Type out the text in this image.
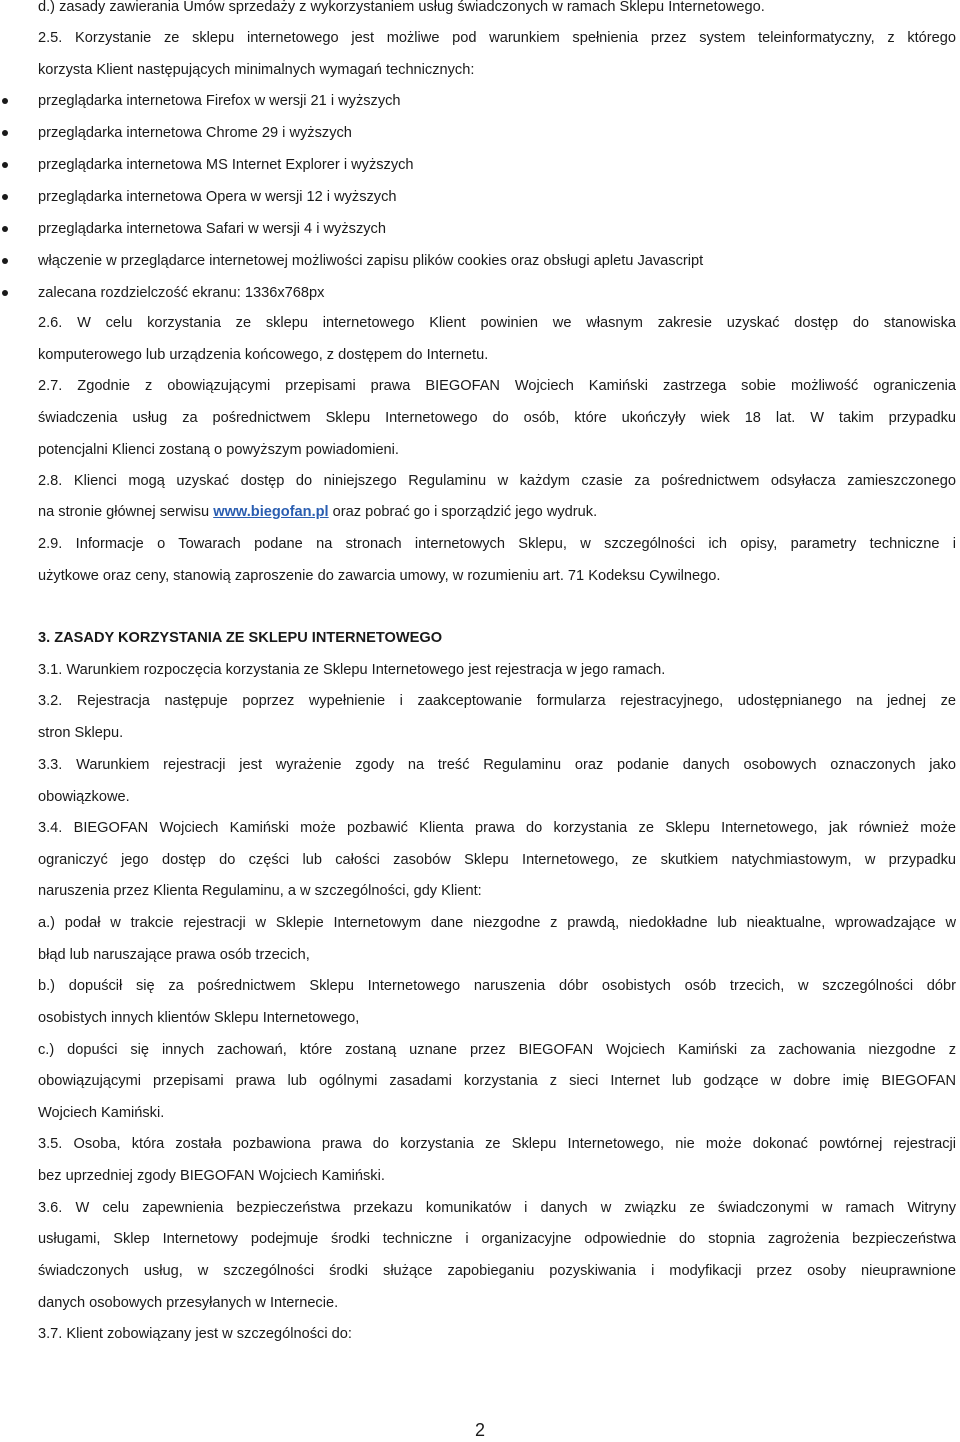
d.) zasady zawierania Umów sprzedaży z wykorzystaniem usług świadczonych w ramach Sklepu Internetowego.
2.5. Korzystanie ze sklepu internetowego jest możliwe pod warunkiem spełnienia przez system teleinformatyczny, z którego
korzysta Klient następujących minimalnych wymagań technicznych:
przeglądarka internetowa Firefox w wersji 21 i wyższych
przeglądarka internetowa Chrome 29 i wyższych
przeglądarka internetowa MS Internet Explorer i wyższych
przeglądarka internetowa Opera w wersji 12 i wyższych
przeglądarka internetowa Safari w wersji 4 i wyższych
włączenie w przeglądarce internetowej możliwości zapisu plików cookies oraz obsługi apletu Javascript
zalecana rozdzielczość ekranu: 1336x768px
2.6. W celu korzystania ze sklepu internetowego Klient powinien we własnym zakresie uzyskać dostęp do stanowiska
komputerowego lub urządzenia końcowego, z dostępem do Internetu.
2.7. Zgodnie z obowiązującymi przepisami prawa BIEGOFAN Wojciech Kamiński zastrzega sobie możliwość ograniczenia
świadczenia usług za pośrednictwem Sklepu Internetowego do osób, które ukończyły wiek 18 lat. W takim przypadku
potencjalni Klienci zostaną o powyższym powiadomieni.
2.8. Klienci mogą uzyskać dostęp do niniejszego Regulaminu w każdym czasie za pośrednictwem odsyłacza zamieszczonego
na stronie głównej serwisu www.biegofan.pl oraz pobrać go i sporządzić jego wydruk.
2.9. Informacje o Towarach podane na stronach internetowych Sklepu, w szczególności ich opisy, parametry techniczne i
użytkowe oraz ceny, stanowią zaproszenie do zawarcia umowy, w rozumieniu art. 71 Kodeksu Cywilnego.
3. ZASADY KORZYSTANIA ZE SKLEPU INTERNETOWEGO
3.1. Warunkiem rozpoczęcia korzystania ze Sklepu Internetowego jest rejestracja w jego ramach.
3.2. Rejestracja następuje poprzez wypełnienie i zaakceptowanie formularza rejestracyjnego, udostępnianego na jednej ze
stron Sklepu.
3.3. Warunkiem rejestracji jest wyrażenie zgody na treść Regulaminu oraz podanie danych osobowych oznaczonych jako
obowiązkowe.
3.4. BIEGOFAN Wojciech Kamiński może pozbawić Klienta prawa do korzystania ze Sklepu Internetowego, jak również może
ograniczyć jego dostęp do części lub całości zasobów Sklepu Internetowego, ze skutkiem natychmiastowym, w przypadku
naruszenia przez Klienta Regulaminu, a w szczególności, gdy Klient:
a.) podał w trakcie rejestracji w Sklepie Internetowym dane niezgodne z prawdą, niedokładne lub nieaktualne, wprowadzające w
błąd lub naruszające prawa osób trzecich,
b.) dopuścił się za pośrednictwem Sklepu Internetowego naruszenia dóbr osobistych osób trzecich, w szczególności dóbr
osobistych innych klientów Sklepu Internetowego,
c.) dopuści się innych zachowań, które zostaną uznane przez BIEGOFAN Wojciech Kamiński za zachowania niezgodne z
obowiązującymi przepisami prawa lub ogólnymi zasadami korzystania z sieci Internet lub godzące w dobre imię BIEGOFAN
Wojciech Kamiński.
3.5. Osoba, która została pozbawiona prawa do korzystania ze Sklepu Internetowego, nie może dokonać powtórnej rejestracji
bez uprzedniej zgody BIEGOFAN Wojciech Kamiński.
3.6. W celu zapewnienia bezpieczeństwa przekazu komunikatów i danych w związku ze świadczonymi w ramach Witryny
usługami, Sklep Internetowy podejmuje środki techniczne i organizacyjne odpowiednie do stopnia zagrożenia bezpieczeństwa
świadczonych usług, w szczególności środki służące zapobieganiu pozyskiwania i modyfikacji przez osoby nieuprawnione
danych osobowych przesyłanych w Internecie.
3.7. Klient zobowiązany jest w szczególności do:
2
